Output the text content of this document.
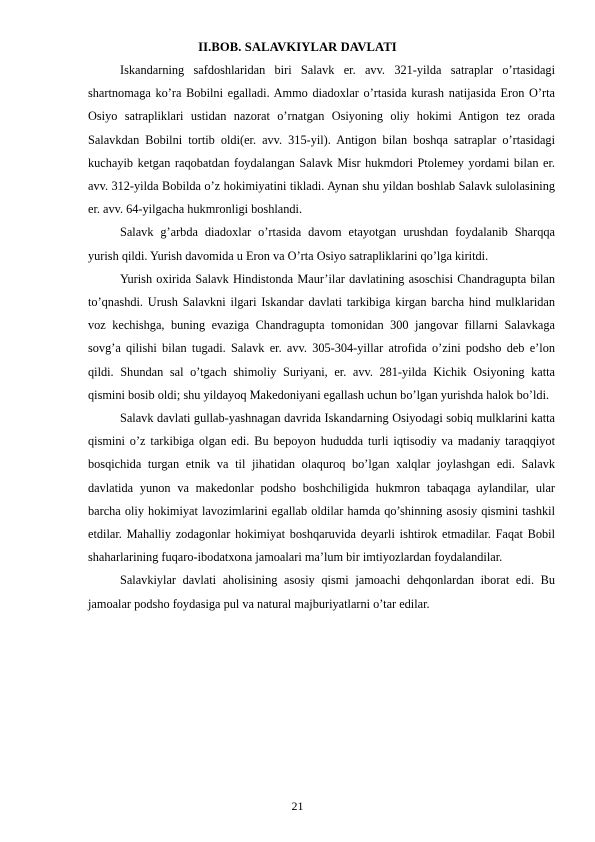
II.BOB. SALAVKIYLAR DAVLATI

Iskandarning safdoshlaridan biri Salavk er. avv. 321-yilda satraplar o’rtasidagi shartnomaga ko’ra Bobilni egalladi. Ammo diadoxlar o’rtasida kurash natijasida Eron O’rta Osiyo satrapliklari ustidan nazorat o’rnatgan Osiyoning oliy hokimi Antigon tez orada Salavkdan Bobilni tortib oldi(er. avv. 315-yil). Antigon bilan boshqa satraplar o’rtasidagi kuchayib ketgan raqobatdan foydalangan Salavk Misr hukmdori Ptolemey yordami bilan er. avv. 312-yilda Bobilda o’z hokimiyatini tikladi. Aynan shu yildan boshlab Salavk sulolasining er. avv. 64-yilgacha hukmronligi boshlandi.

Salavk g’arbda diadoxlar o’rtasida davom etayotgan urushdan foydalanib Sharqqa yurish qildi. Yurish davomida u Eron va O’rta Osiyo satrapliklarini qo’lga kiritdi.

Yurish oxirida Salavk Hindistonda Maur’ilar davlatining asoschisi Chandragupta bilan to’qnashdi. Urush Salavkni ilgari Iskandar davlati tarkibiga kirgan barcha hind mulklaridan voz kechishga, buning evaziga Chandragupta tomonidan 300 jangovar fillarni Salavkaga sovg’a qilishi bilan tugadi. Salavk er. avv. 305-304-yillar atrofida o’zini podsho deb e’lon qildi. Shundan sal o’tgach shimoliy Suriyani, er. avv. 281-yilda Kichik Osiyoning katta qismini bosib oldi; shu yildayoq Makedoniyani egallash uchun bo’lgan yurishda halok bo’ldi.

Salavk davlati gullab-yashnagan davrida Iskandarning Osiyodagi sobiq mulklarini katta qismini o’z tarkibiga olgan edi. Bu bepoyon hududda turli iqtisodiy va madaniy taraqqiyot bosqichida turgan etnik va til jihatidan olaquroq bo’lgan xalqlar joylashgan edi. Salavk davlatida yunon va makedonlar podsho boshchiligida hukmron tabaqaga aylandilar, ular barcha oliy hokimiyat lavozimlarini egallab oldilar hamda qo’shinning asosiy qismini tashkil etdilar. Mahalliy zodagonlar hokimiyat boshqaruvida deyarli ishtirok etmadilar. Faqat Bobil shaharlarining fuqaro-ibodatxona jamoalari ma’lum bir imtiyozlardan foydalandilar.

Salavkiylar davlati aholisining asosiy qismi jamoachi dehqonlardan iborat edi. Bu jamoalar podsho foydasiga pul va natural majburiyatlarni o’tar edilar.

21
